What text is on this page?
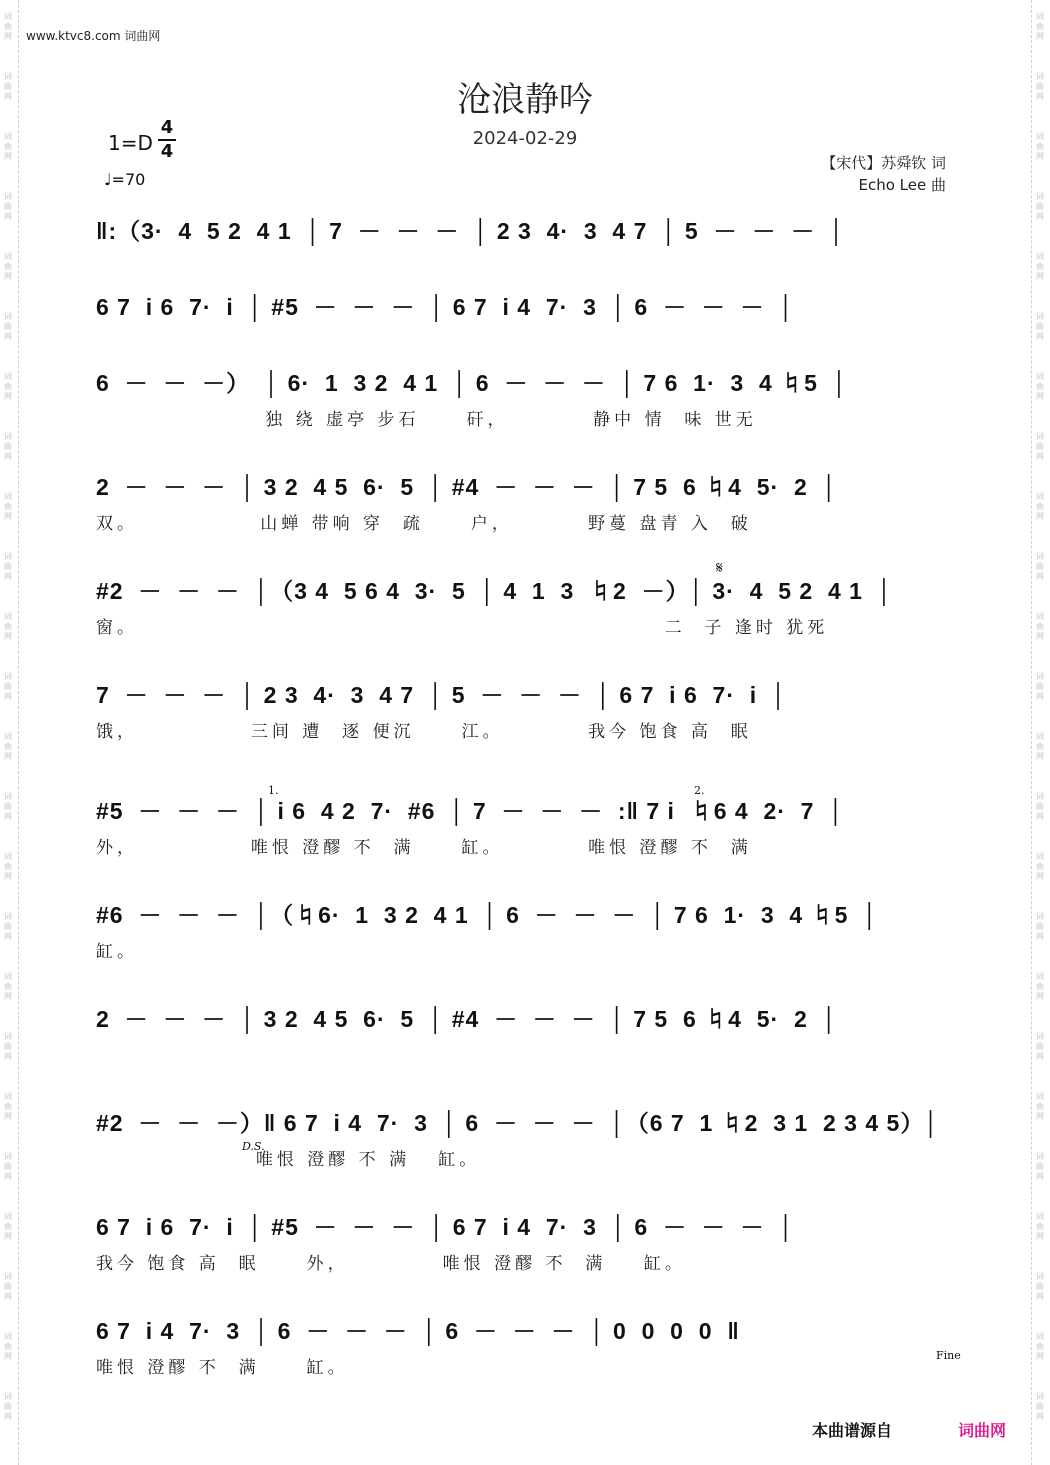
词
曲
网
词
曲
网
词
曲
网
词
曲
网
词
曲
网
词
曲
网
词
曲
网
词
曲
网
词
曲
网
词
曲
网
词
曲
网
词
曲
网
词
曲
网
词
曲
网
词
曲
网
词
曲
网
词
曲
网
词
曲
网
词
曲
网
词
曲
网
词
曲
网
词
曲
网
词
曲
网
词
曲
网
词
曲
网
词
曲
网
词
曲
网
词
曲
网
词
曲
网
词
曲
网
词
曲
网
词
曲
网
词
曲
网
词
曲
网
词
曲
网
词
曲
网
词
曲
网
词
曲
网
词
曲
网
词
曲
网
词
曲
网
词
曲
网
词
曲
网
词
曲
网
词
曲
网
词
曲
网
词
曲
网
词
曲
网
www.ktvc8.com 词曲网
沧浪静吟
2024-02-29
1=D
4
4
♩=70
【宋代】苏舜钦 词
Echo Lee 曲
‖:（3·  4  5 2  4 1  │ 7  －  －  －  │ 2 3  4·  3  4 7  │ 5  －  －  －  │
6 7  i 6  7·  i  │ #5  －  －  －  │ 6 7  i 4  7·  3  │ 6  －  －  －  │
6  －  －  －）  │ 6·  1  3 2  4 1  │ 6  －  －  －  │ 7 6  1·  3  4 ♮5  │
独 绕 虚亭 步石     矸，         静中 情  味 世无
2  －  －  －  │ 3 2  4 5  6·  5  │ #4  －  －  －  │ 7 5  6 ♮4  5·  2  │
双。             山蝉 带响 穿  疏     户，        野蔓 盘青 入  破
#2  －  －  －  │（3 4  5 6 4  3·  5  │ 4  1  3  ♮2  －）│ 3·  4  5 2  4 1  │
窗。                                                        二  子 逢时 犹死
7  －  －  －  │ 2 3  4·  3  4 7  │ 5  －  －  －  │ 6 7  i 6  7·  i  │
饿，            三间 遭  逐 便沉     江。         我今 饱食 高  眠
#5  －  －  －  │ i 6  4 2  7·  #6  │ 7  －  －  －  :‖ 7 i  ♮6 4  2·  7  │
外，            唯恨 澄醪 不  满     缸。         唯恨 澄醪 不  满
#6  －  －  －  │（♮6·  1  3 2  4 1  │ 6  －  －  －  │ 7 6  1·  3  4 ♮5  │
缸。
2  －  －  －  │ 3 2  4 5  6·  5  │ #4  －  －  －  │ 7 5  6 ♮4  5·  2  │
#2  －  －  －）‖ 6 7  i 4  7·  3  │ 6  －  －  －  │（6 7  1 ♮2  3 1  2 3 4 5）│
唯恨 澄醪 不 满   缸。
6 7  i 6  7·  i  │ #5  －  －  －  │ 6 7  i 4  7·  3  │ 6  －  －  －  │
我今 饱食 高  眠     外，          唯恨 澄醪 不  满    缸。
6 7  i 4  7·  3  │ 6  －  －  －  │ 6  －  －  －  │ 0  0  0  0  ‖
唯恨 澄醪 不  满     缸。
𝄋
1.	2.
D.S.
Fine
本曲谱源自	词曲网
